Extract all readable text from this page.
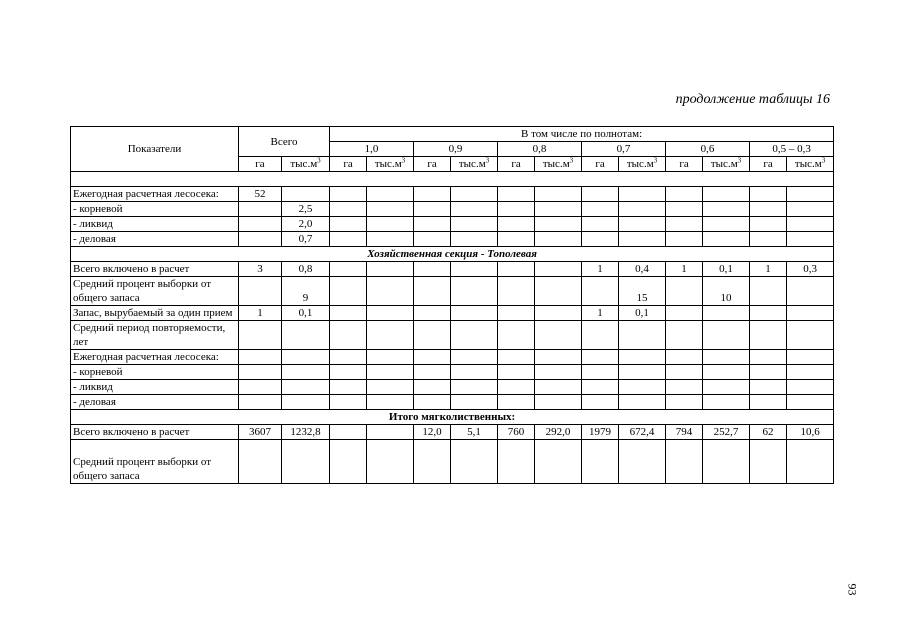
продолжение таблицы 16
Показатели	Всего		В том числе по полнотам:											
			1,0		0,9		0,8		0,7		0,6		0,5 – 0,3	
	га	$тыс.м^3$	га	$тыс.м^3$	га	$тыс.м^3$	га	$тыс.м^3$	га	$тыс.м^3$	га	$тыс.м^3$	га	$тыс.м^3$

Ежегодная расчетная лесосека:	52													
- корневой		2,5												
- ликвид		2,0												
- деловая		0,7												
Хозяйственная секция - Тополевая														
Всего включено в расчет	3	0,8							1	0,4	1	0,1	1	0,3
Средний процент выборки от общего запаса		9								15		10		
Запас, вырубаемый за один прием	1	0,1							1	0,1				
Средний период повторяемости, лет														
Ежегодная расчетная лесосека:														
- корневой														
- ликвид														
- деловая														
Итого мягколиственных:														
Всего включено в расчет	3607	1232,8			12,0	5,1	760	292,0	1979	672,4	794	252,7	62	10,6
Средний процент выборки от общего запаса														
93
